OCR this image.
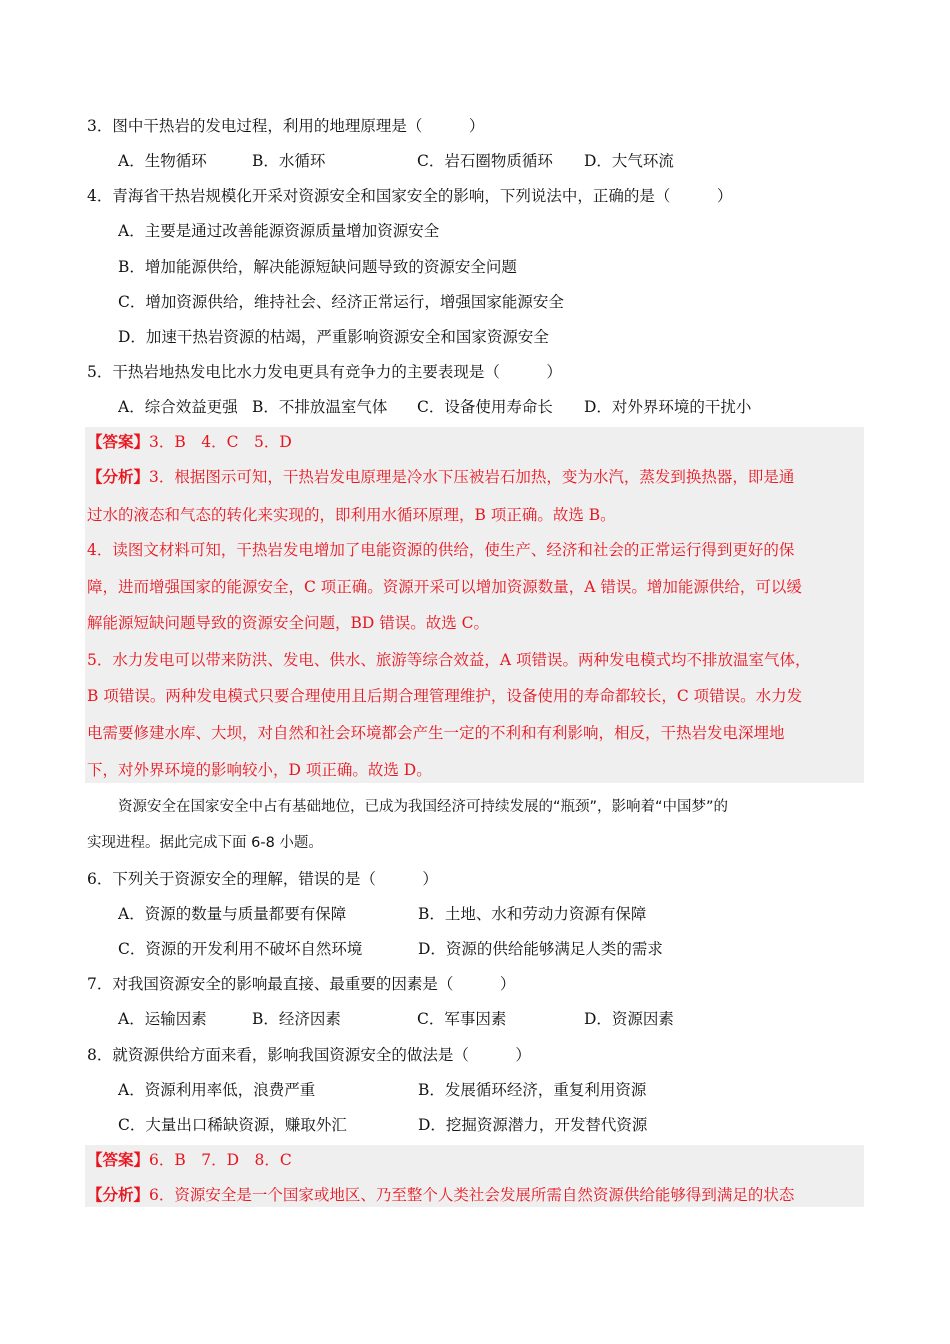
3．图中干热岩的发电过程，利用的地理原理是（　　　）
A．生物循环	B．水循环	C．岩石圈物质循环 D．大气环流
4．青海省干热岩规模化开采对资源安全和国家安全的影响，下列说法中，正确的是（　　　）
A．主要是通过改善能源资源质量增加资源安全
B．增加能源供给，解决能源短缺问题导致的资源安全问题
C．增加资源供给，维持社会、经济正常运行，增强国家能源安全
D．加速干热岩资源的枯竭，严重影响资源安全和国家资源安全
5．干热岩地热发电比水力发电更具有竞争力的主要表现是（　　　）
A．综合效益更强 B．不排放温室气体 C．设备使用寿命长 D．对外界环境的干扰小
【答案】3．B　4．C　5．D
【分析】3．根据图示可知，干热岩发电原理是冷水下压被岩石加热，变为水汽，蒸发到换热器，即是通
过水的液态和气态的转化来实现的，即利用水循环原理，B 项正确。故选 B。
4．读图文材料可知，干热岩发电增加了电能资源的供给，使生产、经济和社会的正常运行得到更好的保
障，进而增强国家的能源安全，C 项正确。资源开采可以增加资源数量，A 错误。增加能源供给，可以缓
解能源短缺问题导致的资源安全问题，BD 错误。故选 C。
5．水力发电可以带来防洪、发电、供水、旅游等综合效益，A 项错误。两种发电模式均不排放温室气体，
B 项错误。两种发电模式只要合理使用且后期合理管理维护，设备使用的寿命都较长，C 项错误。水力发
电需要修建水库、大坝，对自然和社会环境都会产生一定的不利和有利影响，相反，干热岩发电深埋地
下，对外界环境的影响较小，D 项正确。故选 D。
资源安全在国家安全中占有基础地位，已成为我国经济可持续发展的“瓶颈”，影响着“中国梦”的
实现进程。据此完成下面 6-8 小题。
6．下列关于资源安全的理解，错误的是（　　　）
A．资源的数量与质量都要有保障	B．土地、水和劳动力资源有保障
C．资源的开发利用不破坏自然环境	D．资源的供给能够满足人类的需求
7．对我国资源安全的影响最直接、最重要的因素是（　　　）
A．运输因素	B．经济因素	C．军事因素	D．资源因素
8．就资源供给方面来看，影响我国资源安全的做法是（　　　）
A．资源利用率低，浪费严重	B．发展循环经济，重复利用资源
C．大量出口稀缺资源，赚取外汇	D．挖掘资源潜力，开发替代资源
【答案】6．B　7．D　8．C
【分析】6．资源安全是一个国家或地区、乃至整个人类社会发展所需自然资源供给能够得到满足的状态
